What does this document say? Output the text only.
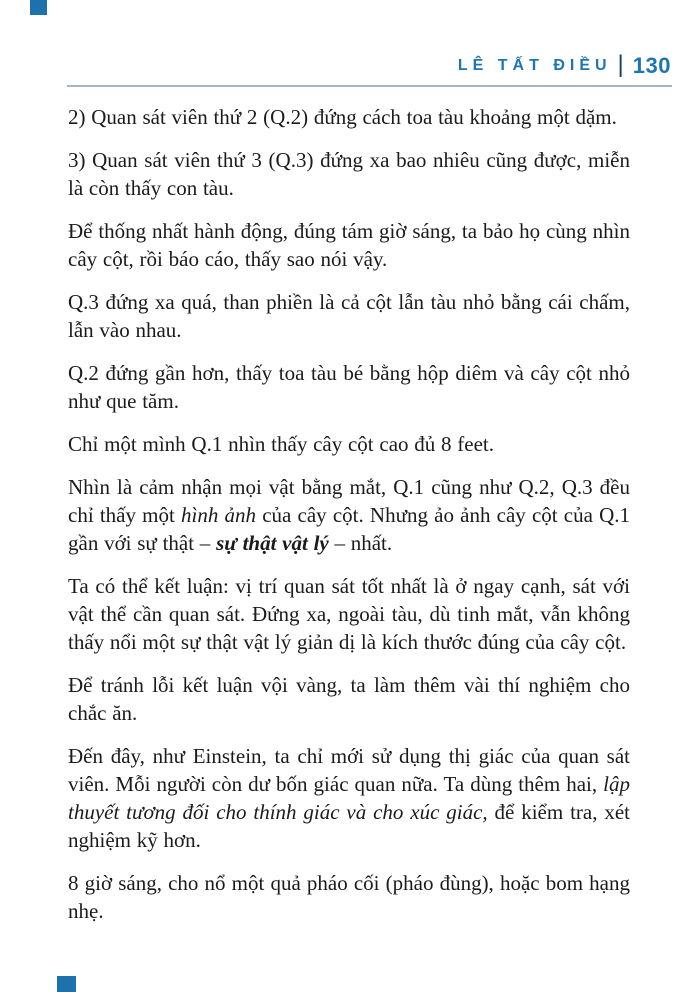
LÊ TẤT ĐIỀU | 130

2) Quan sát viên thứ 2 (Q.2) đứng cách toa tàu khoảng một dặm.

3) Quan sát viên thứ 3 (Q.3) đứng xa bao nhiêu cũng được, miễn là còn thấy con tàu.

Để thống nhất hành động, đúng tám giờ sáng, ta bảo họ cùng nhìn cây cột, rồi báo cáo, thấy sao nói vậy.

Q.3 đứng xa quá, than phiền là cả cột lẫn tàu nhỏ bằng cái chấm, lẫn vào nhau.

Q.2 đứng gần hơn, thấy toa tàu bé bằng hộp diêm và cây cột nhỏ như que tăm.

Chỉ một mình Q.1 nhìn thấy cây cột cao đủ 8 feet.

Nhìn là cảm nhận mọi vật bằng mắt, Q.1 cũng như Q.2, Q.3 đều chỉ thấy một hình ảnh của cây cột. Nhưng ảo ảnh cây cột của Q.1 gần với sự thật – sự thật vật lý – nhất.

Ta có thể kết luận: vị trí quan sát tốt nhất là ở ngay cạnh, sát với vật thể cần quan sát. Đứng xa, ngoài tàu, dù tinh mắt, vẫn không thấy nổi một sự thật vật lý giản dị là kích thước đúng của cây cột.

Để tránh lỗi kết luận vội vàng, ta làm thêm vài thí nghiệm cho chắc ăn.

Đến đây, như Einstein, ta chỉ mới sử dụng thị giác của quan sát viên. Mỗi người còn dư bốn giác quan nữa. Ta dùng thêm hai, lập thuyết tương đối cho thính giác và cho xúc giác, để kiểm tra, xét nghiệm kỹ hơn.

8 giờ sáng, cho nổ một quả pháo cối (pháo đùng), hoặc bom hạng nhẹ.
